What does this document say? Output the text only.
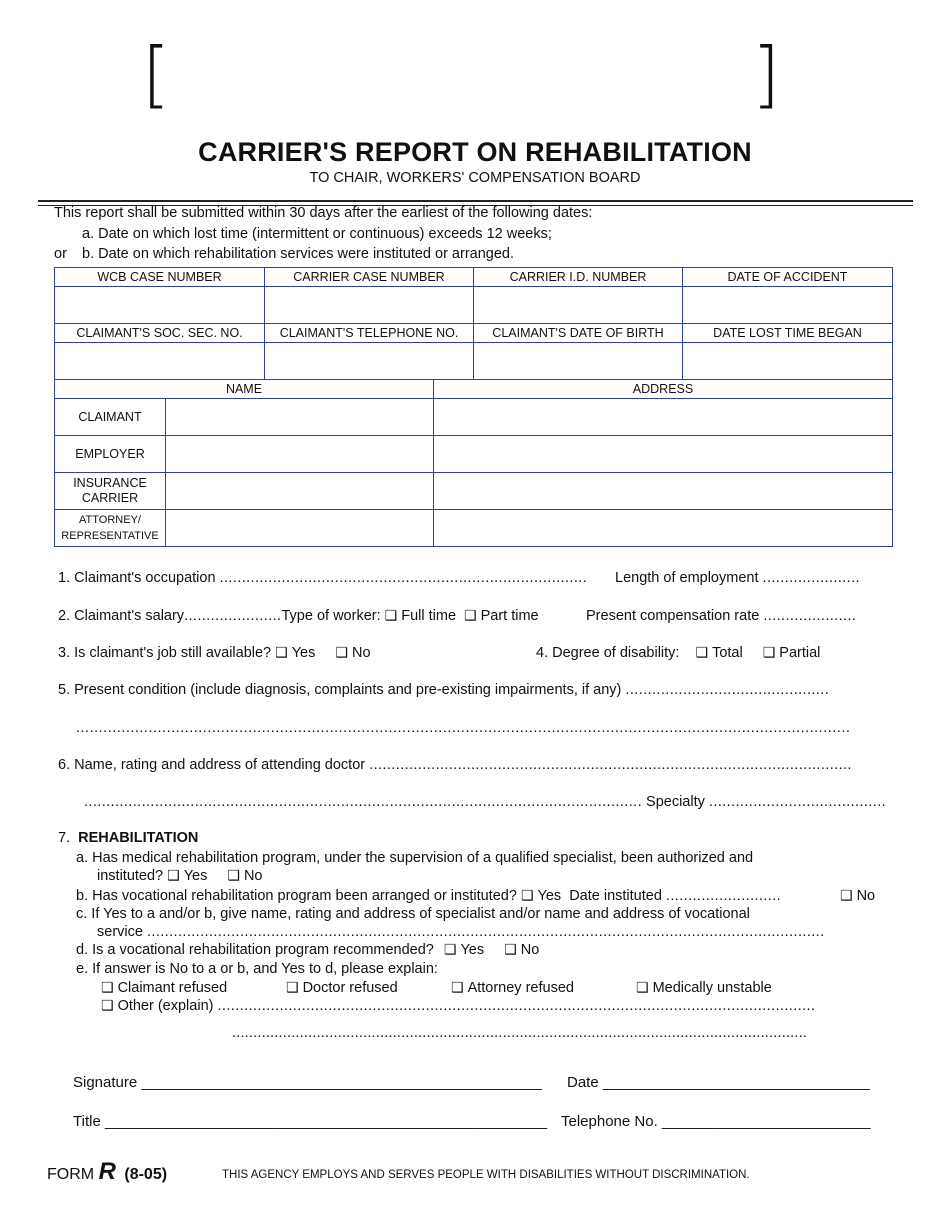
[	]
CARRIER'S REPORT ON REHABILITATION
TO CHAIR, WORKERS' COMPENSATION BOARD
This report shall be submitted within 30 days after the earliest of the following dates:
a. Date on which lost time (intermittent or continuous) exceeds 12 weeks;
or b. Date on which rehabilitation services were instituted or arranged.
WCB CASE NUMBER	CARRIER CASE NUMBER	CARRIER I.D. NUMBER	DATE OF ACCIDENT

CLAIMANT'S SOC. SEC. NO.	CLAIMANT'S TELEPHONE NO.	CLAIMANT'S DATE OF BIRTH	DATE LOST TIME BEGAN

NAME		ADDRESS
CLAIMANT		
EMPLOYER		
INSURANCE CARRIER		
ATTORNEY/ REPRESENTATIVE		
1. Claimant's occupation ................................................................................... Length of employment ......................
2. Claimant's salary......................Type of worker: ❑ Full time ❑ Part time	Present compensation rate .....................
3. Is claimant's job still available? ❑ Yes ❑ No	4. Degree of disability: ❑ Total ❑ Partial
5. Present condition (include diagnosis, complaints and pre-existing impairments, if any) ..............................................
...........................................................................................................................................................................
6. Name, rating and address of attending doctor .............................................................................................................
.............................................................................................................................. Specialty ........................................
7. REHABILITATION
a. Has medical rehabilitation program, under the supervision of a qualified specialist, been authorized and
instituted? ❑ Yes ❑ No
b. Has vocational rehabilitation program been arranged or instituted? ❑ Yes Date instituted ..........................	❑ No
c. If Yes to a and/or b, give name, rating and address of specialist and/or name and address of vocational
service .........................................................................................................................................................
d. Is a vocational rehabilitation program recommended? ❑ Yes ❑ No
e. If answer is No to a or b, and Yes to d, please explain:
❑ Claimant refused	❑ Doctor refused	❑ Attorney refused	❑ Medically unstable
❑ Other (explain) .......................................................................................................................................
........................................................................................................................................
Signature ________________________________________________ Date ________________________________
Title _____________________________________________________ Telephone No. _________________________
FORM R (8-05)	THIS AGENCY EMPLOYS AND SERVES PEOPLE WITH DISABILITIES WITHOUT DISCRIMINATION.
